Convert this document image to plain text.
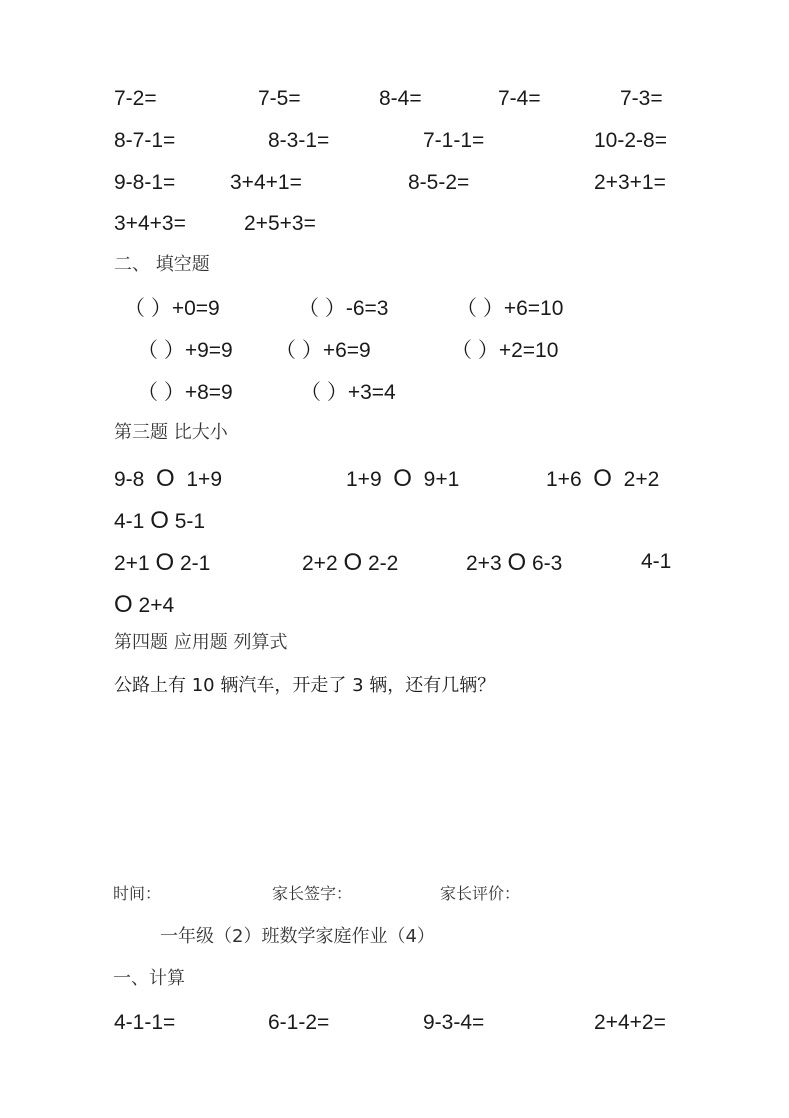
7-2=	7-5=	8-4=	7-4=	7-3=
8-7-1=	8-3-1=	7-1-1=	10-2-8=
9-8-1=	3+4+1=	8-5-2=	2+3+1=
3+4+3=	2+5+3=
二、 填空题
（ ）+0=9	（ ）-6=3	（ ）+6=10
（ ）+9=9 （ ）+6=9	（ ）+2=10
（ ）+8=9	（ ）+3=4
第三题 比大小
9-8 O 1+9	1+9 O 9+1	1+6 O 2+2
4-1 O 5-1
2+1 O 2-1	2+2 O 2-2	2+3 O 6-3	4-1
O 2+4
第四题 应用题 列算式
公路上有 10 辆汽车，开走了 3 辆，还有几辆？
时间：	家长签字：	家长评价：
一年级（2）班数学家庭作业（4）
一、计算
4-1-1=	6-1-2=	9-3-4=	2+4+2=
